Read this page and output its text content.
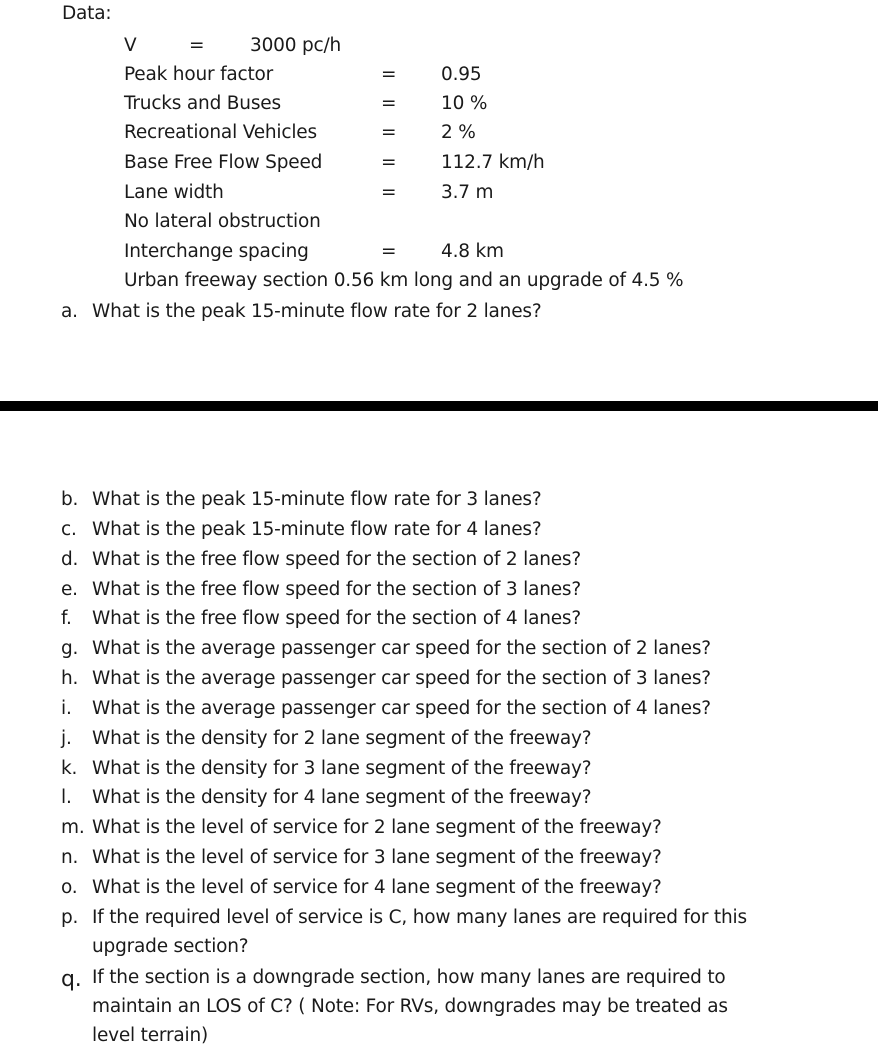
Data:
V	= 3000 pc/h
Peak hour factor	= 0.95
Trucks and Buses	= 10 %
Recreational Vehicles	= 2 %
Base Free Flow Speed	= 112.7 km/h
Lane width	= 3.7 m
No lateral obstruction
Interchange spacing	= 4.8 km
Urban freeway section 0.56 km long and an upgrade of 4.5 %
a. What is the peak 15-minute flow rate for 2 lanes?
b. What is the peak 15-minute flow rate for 3 lanes?
c. What is the peak 15-minute flow rate for 4 lanes?
d. What is the free flow speed for the section of 2 lanes?
e. What is the free flow speed for the section of 3 lanes?
f. What is the free flow speed for the section of 4 lanes?
g. What is the average passenger car speed for the section of 2 lanes?
h. What is the average passenger car speed for the section of 3 lanes?
i. What is the average passenger car speed for the section of 4 lanes?
j. What is the density for 2 lane segment of the freeway?
k. What is the density for 3 lane segment of the freeway?
l. What is the density for 4 lane segment of the freeway?
m. What is the level of service for 2 lane segment of the freeway?
n. What is the level of service for 3 lane segment of the freeway?
o. What is the level of service for 4 lane segment of the freeway?
p. If the required level of service is C, how many lanes are required for this
upgrade section?
q. If the section is a downgrade section, how many lanes are required to
maintain an LOS of C? ( Note: For RVs, downgrades may be treated as
level terrain)
